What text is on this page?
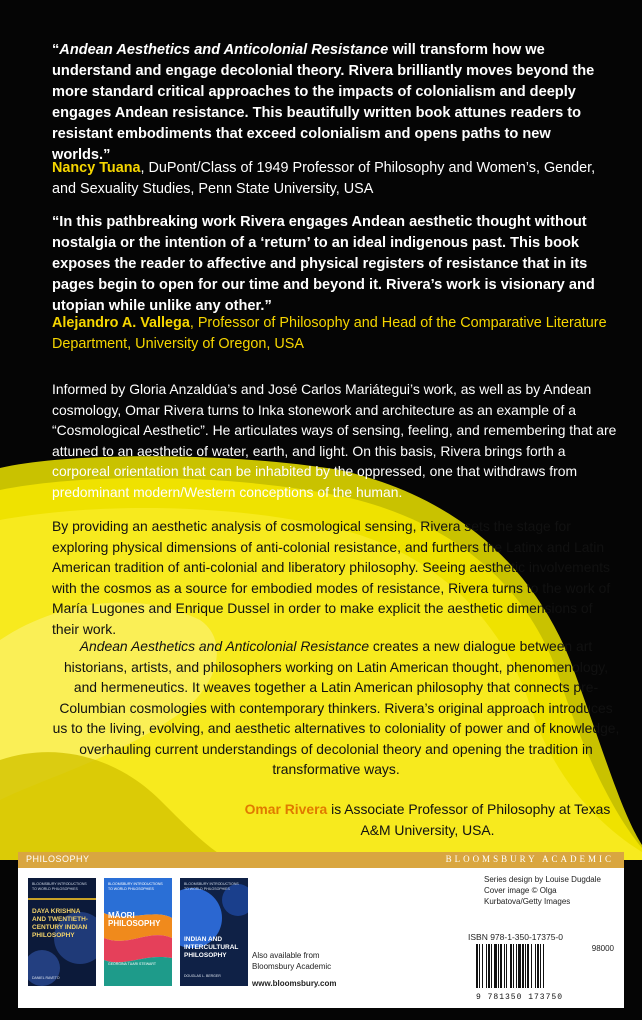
“Andean Aesthetics and Anticolonial Resistance will transform how we understand and engage decolonial theory. Rivera brilliantly moves beyond the more standard critical approaches to the impacts of colonialism and deeply engages Andean resistance. This beautifully written book attunes readers to resistant embodiments that exceed colonialism and opens paths to new worlds.”
Nancy Tuana, DuPont/Class of 1949 Professor of Philosophy and Women’s, Gender, and Sexuality Studies, Penn State University, USA
“In this pathbreaking work Rivera engages Andean aesthetic thought without nostalgia or the intention of a ‘return’ to an ideal indigenous past. This book exposes the reader to affective and physical registers of resistance that in its pages begin to open for our time and beyond it. Rivera’s work is visionary and utopian while unlike any other.”
Alejandro A. Vallega, Professor of Philosophy and Head of the Comparative Literature Department, University of Oregon, USA
Informed by Gloria Anzaldúa’s and José Carlos Mariátegui’s work, as well as by Andean cosmology, Omar Rivera turns to Inka stonework and architecture as an example of a “Cosmological Aesthetic”. He articulates ways of sensing, feeling, and remembering that are attuned to an aesthetic of water, earth, and light. On this basis, Rivera brings forth a corporeal orientation that can be inhabited by the oppressed, one that withdraws from predominant modern/Western conceptions of the human.
By providing an aesthetic analysis of cosmological sensing, Rivera sets the stage for exploring physical dimensions of anti-colonial resistance, and furthers the Latinx and Latin American tradition of anti-colonial and liberatory philosophy. Seeing aesthetic involvements with the cosmos as a source for embodied modes of resistance, Rivera turns to the work of María Lugones and Enrique Dussel in order to make explicit the aesthetic dimensions of their work.
Andean Aesthetics and Anticolonial Resistance creates a new dialogue between art historians, artists, and philosophers working on Latin American thought, phenomenology, and hermeneutics. It weaves together a Latin American philosophy that connects pre-Columbian cosmologies with contemporary thinkers. Rivera’s original approach introduces us to the living, evolving, and aesthetic alternatives to coloniality of power and of knowledge, overhauling current understandings of decolonial theory and opening the tradition in transformative ways.
Omar Rivera is Associate Professor of Philosophy at Texas A&M University, USA.
PHILOSOPHY	BLOOMSBURY ACADEMIC
BLOOMSBURY INTRODUCTIONS TO WORLD PHILOSOPHIES
DAYA KRISHNA AND TWENTIETH-CENTURY INDIAN PHILOSOPHY
DANIEL RAVETO
BLOOMSBURY INTRODUCTIONS TO WORLD PHILOSOPHIES
MĀORI PHILOSOPHY
GEORGINA TUARI STEWART
BLOOMSBURY INTRODUCTIONS TO WORLD PHILOSOPHIES
INDIAN AND INTERCULTURAL PHILOSOPHY
DOUGLAS L. BERGER
Also available from Bloomsbury Academic
www.bloomsbury.com
Series design by Louise Dugdale
Cover image © Olga Kurbatova/Getty Images
ISBN 978-1-350-17375-0
98000
9 781350 173750
